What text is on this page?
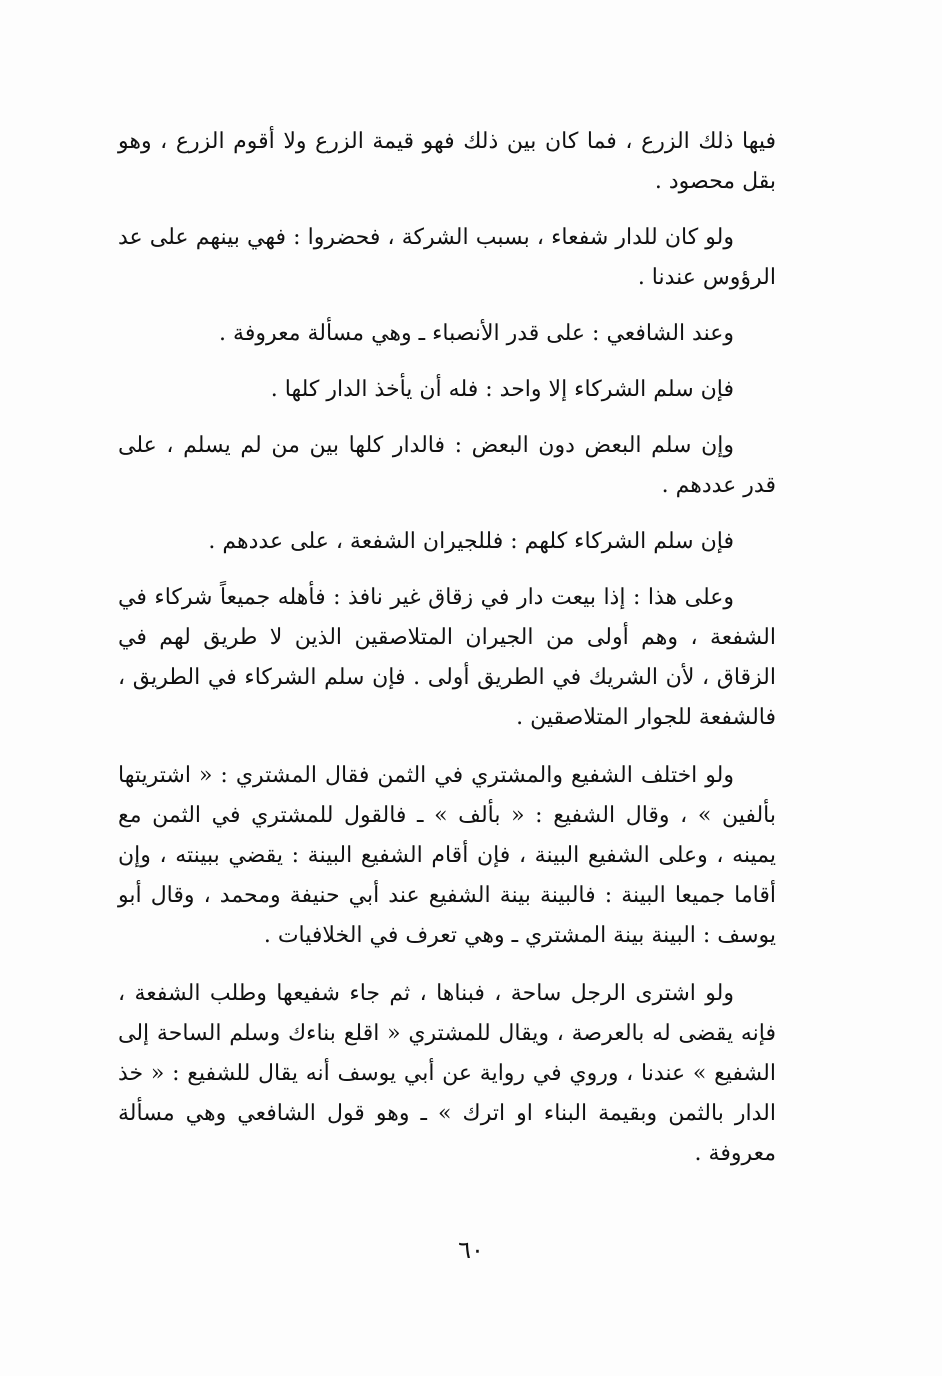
فيها ذلك الزرع ، فما كان بين ذلك فهو قيمة الزرع ولا أقوم الزرع ، وهو بقل محصود .

ولو كان للدار شفعاء ، بسبب الشركة ، فحضروا : فهي بينهم على عد الرؤوس عندنا .

وعند الشافعي : على قدر الأنصباء ـ وهي مسألة معروفة .

فإن سلم الشركاء إلا واحد : فله أن يأخذ الدار كلها .

وإن سلم البعض دون البعض : فالدار كلها بين من لم يسلم ، على قدر عددهم .

فإن سلم الشركاء كلهم : فللجيران الشفعة ، على عددهم .

وعلى هذا : إذا بيعت دار في زقاق غير نافذ : فأهله جميعاً شركاء في الشفعة ، وهم أولى من الجيران المتلاصقين الذين لا طريق لهم في الزقاق ، لأن الشريك في الطريق أولى . فإن سلم الشركاء في الطريق ، فالشفعة للجوار المتلاصقين .

ولو اختلف الشفيع والمشتري في الثمن فقال المشتري : « اشتريتها بألفين » ، وقال الشفيع : « بألف » ـ فالقول للمشتري في الثمن مع يمينه ، وعلى الشفيع البينة ، فإن أقام الشفيع البينة : يقضي ببينته ، وإن أقاما جميعا البينة : فالبينة بينة الشفيع عند أبي حنيفة ومحمد ، وقال أبو يوسف : البينة بينة المشتري ـ وهي تعرف في الخلافيات .

ولو اشترى الرجل ساحة ، فبناها ، ثم جاء شفيعها وطلب الشفعة ، فإنه يقضى له بالعرصة ، ويقال للمشتري « اقلع بناءك وسلم الساحة إلى الشفيع » عندنا ، وروي في رواية عن أبي يوسف أنه يقال للشفيع : « خذ الدار بالثمن وبقيمة البناء او اترك » ـ وهو قول الشافعي وهي مسألة معروفة .

٦٠
